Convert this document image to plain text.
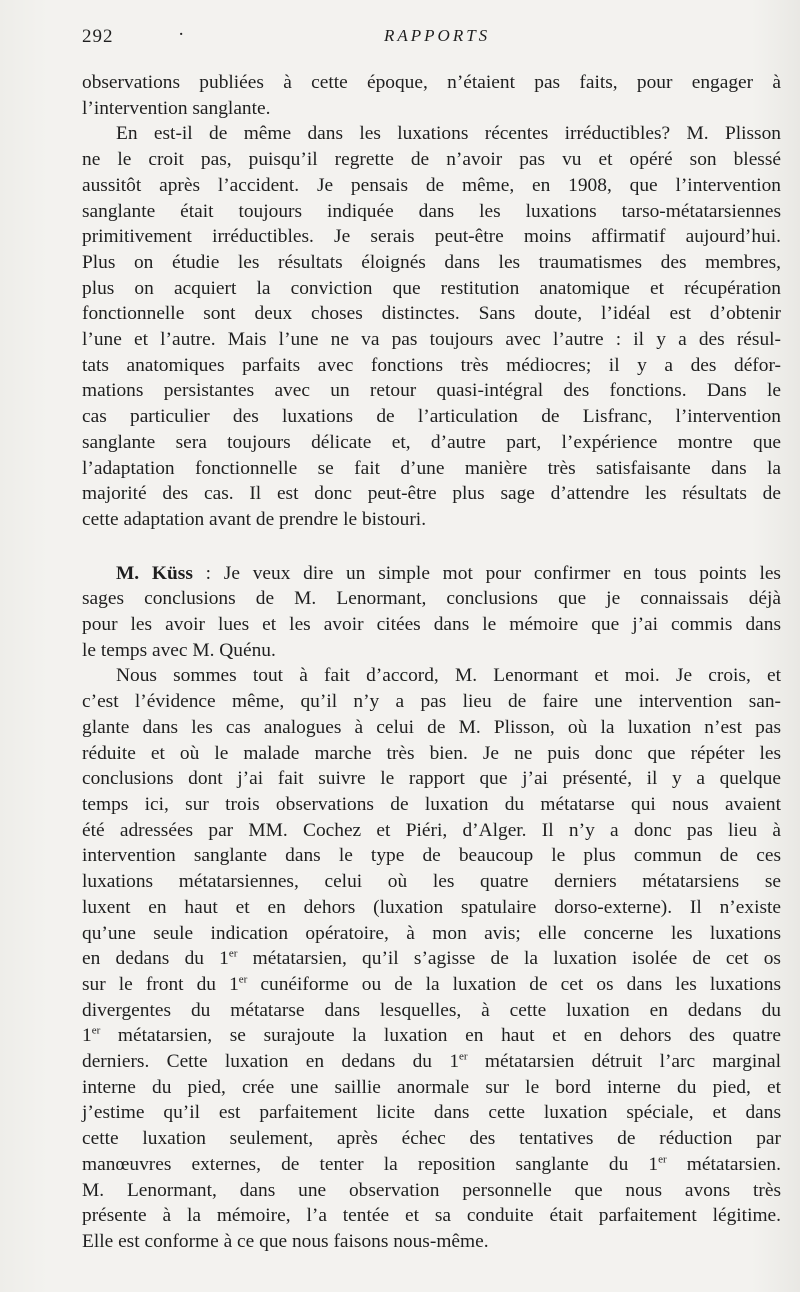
292	·	RAPPORTS
observations publiées à cette époque, n’étaient pas faits, pour engager à
l’intervention sanglante.
En est-il de même dans les luxations récentes irréductibles? M. Plisson
ne le croit pas, puisqu’il regrette de n’avoir pas vu et opéré son blessé
aussitôt après l’accident. Je pensais de même, en 1908, que l’intervention
sanglante était toujours indiquée dans les luxations tarso-métatarsiennes
primitivement irréductibles. Je serais peut-être moins affirmatif aujourd’hui.
Plus on étudie les résultats éloignés dans les traumatismes des membres,
plus on acquiert la conviction que restitution anatomique et récupération
fonctionnelle sont deux choses distinctes. Sans doute, l’idéal est d’obtenir
l’une et l’autre. Mais l’une ne va pas toujours avec l’autre : il y a des résul-
tats anatomiques parfaits avec fonctions très médiocres; il y a des défor-
mations persistantes avec un retour quasi-intégral des fonctions. Dans le
cas particulier des luxations de l’articulation de Lisfranc, l’intervention
sanglante sera toujours délicate et, d’autre part, l’expérience montre que
l’adaptation fonctionnelle se fait d’une manière très satisfaisante dans la
majorité des cas. Il est donc peut-être plus sage d’attendre les résultats de
cette adaptation avant de prendre le bistouri.
M. Küss : Je veux dire un simple mot pour confirmer en tous points les
sages conclusions de M. Lenormant, conclusions que je connaissais déjà
pour les avoir lues et les avoir citées dans le mémoire que j’ai commis dans
le temps avec M. Quénu.
Nous sommes tout à fait d’accord, M. Lenormant et moi. Je crois, et
c’est l’évidence même, qu’il n’y a pas lieu de faire une intervention san-
glante dans les cas analogues à celui de M. Plisson, où la luxation n’est pas
réduite et où le malade marche très bien. Je ne puis donc que répéter les
conclusions dont j’ai fait suivre le rapport que j’ai présenté, il y a quelque
temps ici, sur trois observations de luxation du métatarse qui nous avaient
été adressées par MM. Cochez et Piéri, d’Alger. Il n’y a donc pas lieu à
intervention sanglante dans le type de beaucoup le plus commun de ces
luxations métatarsiennes, celui où les quatre derniers métatarsiens se
luxent en haut et en dehors (luxation spatulaire dorso-externe). Il n’existe
qu’une seule indication opératoire, à mon avis; elle concerne les luxations
en dedans du 1er métatarsien, qu’il s’agisse de la luxation isolée de cet os
sur le front du 1er cunéiforme ou de la luxation de cet os dans les luxations
divergentes du métatarse dans lesquelles, à cette luxation en dedans du
1er métatarsien, se surajoute la luxation en haut et en dehors des quatre
derniers. Cette luxation en dedans du 1er métatarsien détruit l’arc marginal
interne du pied, crée une saillie anormale sur le bord interne du pied, et
j’estime qu’il est parfaitement licite dans cette luxation spéciale, et dans
cette luxation seulement, après échec des tentatives de réduction par
manœuvres externes, de tenter la reposition sanglante du 1er métatarsien.
M. Lenormant, dans une observation personnelle que nous avons très
présente à la mémoire, l’a tentée et sa conduite était parfaitement légitime.
Elle est conforme à ce que nous faisons nous-même.
